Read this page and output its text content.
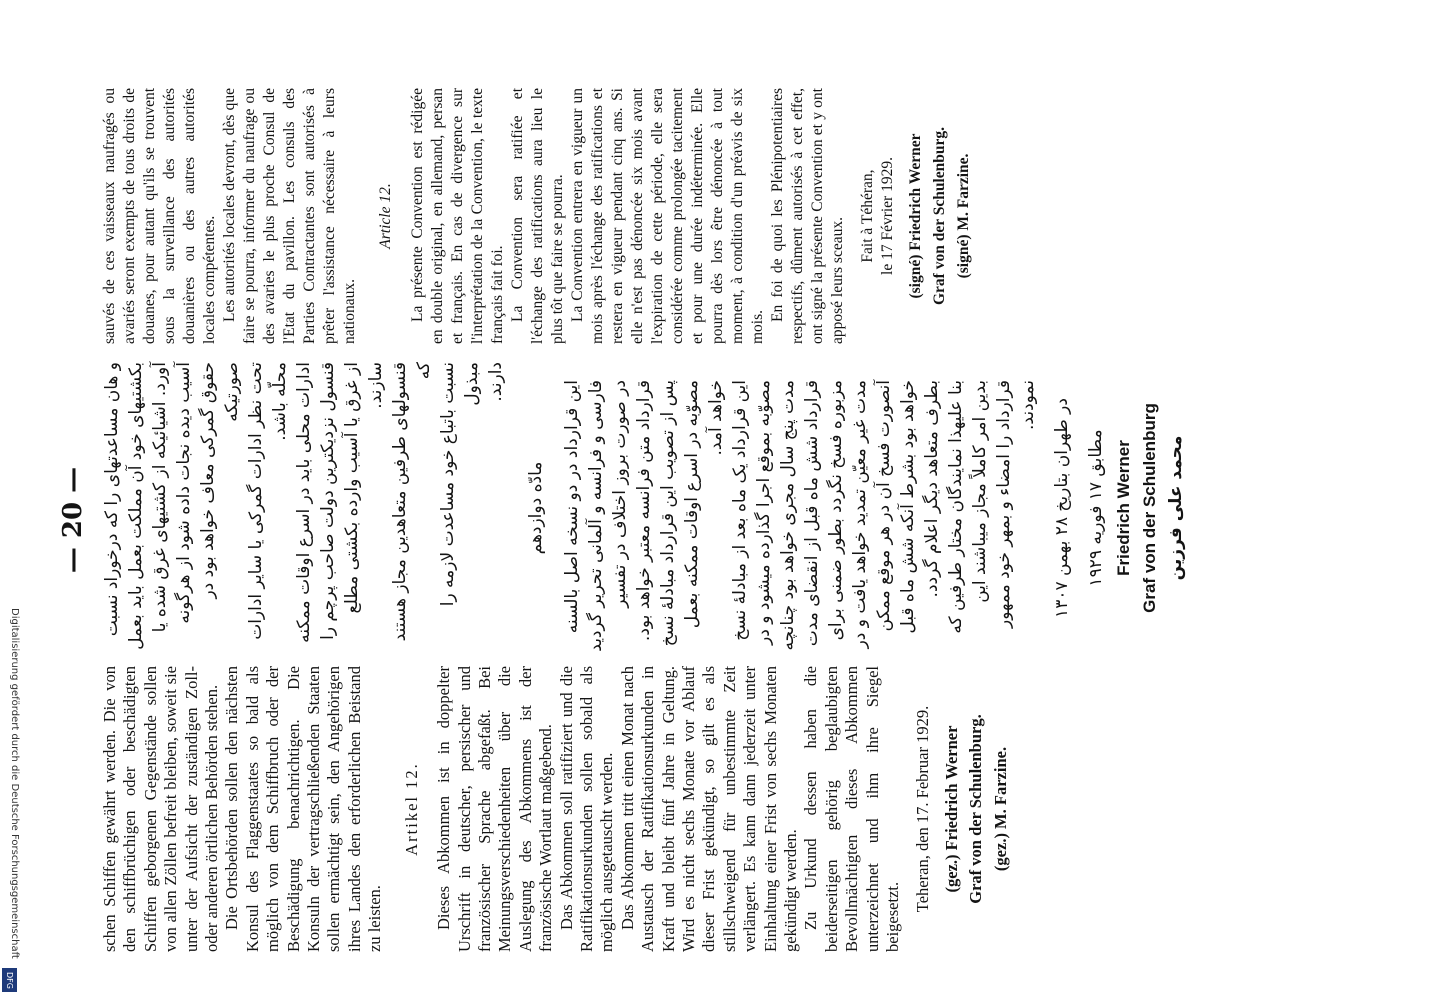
— 20 —

schen Schiffen gewährt werden. Die von den schiffbrüchigen oder beschädigten Schiffen geborgenen Gegenstände sollen von allen Zöllen befreit bleiben, soweit sie unter der Aufsicht der zuständigen Zoll- oder anderen örtlichen Behörden stehen. Die Ortsbehörden sollen den nächsten Konsul des Flaggenstaates so bald als möglich von dem Schiffbruch oder der Beschädigung benachrichtigen. Die Konsuln der vertragschließenden Staaten sollen ermächtigt sein, den Angehörigen ihres Landes den erforderlichen Beistand zu leisten.

Artikel 12. Dieses Abkommen ist in doppelter Urschrift in deutscher, persischer und französischer Sprache abgefaßt. Bei Meinungsverschiedenheiten über die Auslegung des Abkommens ist der französische Wortlaut maßgebend. Das Abkommen soll ratifiziert und die Ratifikationsurkunden sollen sobald als möglich ausgetauscht werden. Das Abkommen tritt einen Monat nach Austausch der Ratifikationsurkunden in Kraft und bleibt fünf Jahre in Geltung. Wird es nicht sechs Monate vor Ablauf dieser Frist gekündigt, so gilt es als stillschweigend für unbestimmte Zeit verlängert. Es kann dann jederzeit unter Einhaltung einer Frist von sechs Monaten gekündigt werden. Zu Urkund dessen haben die beiderseitigen gehörig beglaubigten Bevollmächtigten dieses Abkommen unterzeichnet und ihm ihre Siegel beigesetzt.

Teheran, den 17. Februar 1929. (gez.) Friedrich Werner Graf von der Schulenburg. (gez.) M. Farzine.

و هان مساعدتهای را که درخوراد نسبت بکشتیهای خود آن مملکت بعمل باید بعمل آورد. اشیائیکه از کشتیهای غرق شده یا آسیب دیده نجات داده شود از هرگونه حقوق گمرکی معاف خواهد بود در صورتیکه تحت نظر ادارات گمرکی یا سایر ادارات محلّه باشد. ادارات محلی باید در اسرع اوقات ممکنه قنسول نزدیکترین دولت صاحب پرچم را از غرق یا آسیب وارده بکشتی مطلع سازند. قنسولهای طرفین متعاهدین مجاز هستند که نسبت باتباع خود مساعدت لازمه را مبذول دارند.

مادّه دوازدهم این قرارداد در دو نسخه اصل بالسنه فارسی و فرانسه و آلمانی تحریر گردید در صورت بروز اختلاف در تفسیر قرارداد متن فرانسه معتبر خواهد بود. پس از تصویب این قرارداد مبادلهٔ نسخ مصوّبه در اسرع اوقات ممکنه بعمل خواهد آمد. این قرارداد یک ماه بعد از مبادلهٔ نسخ مصوّبه بموقع اجرا گذارده میشود و در مدت پنج سال مجری خواهد بود چنانچه قرارداد شش ماه قبل از انقضای مدت مزبوره فسخ نگردد بطور ضمنی برای مدت غیر معیّن تمدید خواهد یافت و در آنصورت فسخ آن در هر موقع ممکن خواهد بود بشرط آنکه شش ماه قبل بطرف متعاهد دیگر اعلام گردد. بنا علیهذا نمایندگان مختار طرفین که بدین امر کاملاً مجاز میباشند این قرارداد را امضاء و بمهر خود ممهور نمودند.

در طهران بتاریخ ۲۸ بهمن ۱۳۰۷
مطابق ۱۷ فوریه ۱۹۲۹ Friedrich Werner Graf von der Schulenburg محمد علی فرزین

sauvés de ces vaisseaux naufragés ou avariés seront exempts de tous droits de douanes, pour autant qu'ils se trouvent sous la surveillance des autorités douanières ou des autres autorités locales compétentes. Les autorités locales devront, dès que faire se pourra, informer du naufrage ou des avaries le plus proche Consul de l'Etat du pavillon. Les consuls des Parties Contractantes sont autorisés à prêter l'assistance nécessaire à leurs nationaux.

Article 12. La présente Convention est rédigée en double original, en allemand, persan et français. En cas de divergence sur l'interprétation de la Convention, le texte français fait foi. La Convention sera ratifiée et l'échange des ratifications aura lieu le plus tôt que faire se pourra. La Convention entrera en vigueur un mois après l'échange des ratifications et restera en vigueur pendant cinq ans. Si elle n'est pas dénoncée six mois avant l'expiration de cette période, elle sera considérée comme prolongée tacitement et pour une durée indéterminée. Elle pourra dès lors être dénoncée à tout moment, à condition d'un préavis de six mois.

En foi de quoi les Plénipotentiaires respectifs, dûment autorisés à cet effet, ont signé la présente Convention et y ont apposé leurs sceaux.

Fait à Téhéran, le 17 Février 1929. (signé) Friedrich Werner Graf von der Schulenburg. (signé) M. Farzine.
Digitalisierung gefördert durch die Deutsche Forschungsgemeinschaft
DFG
